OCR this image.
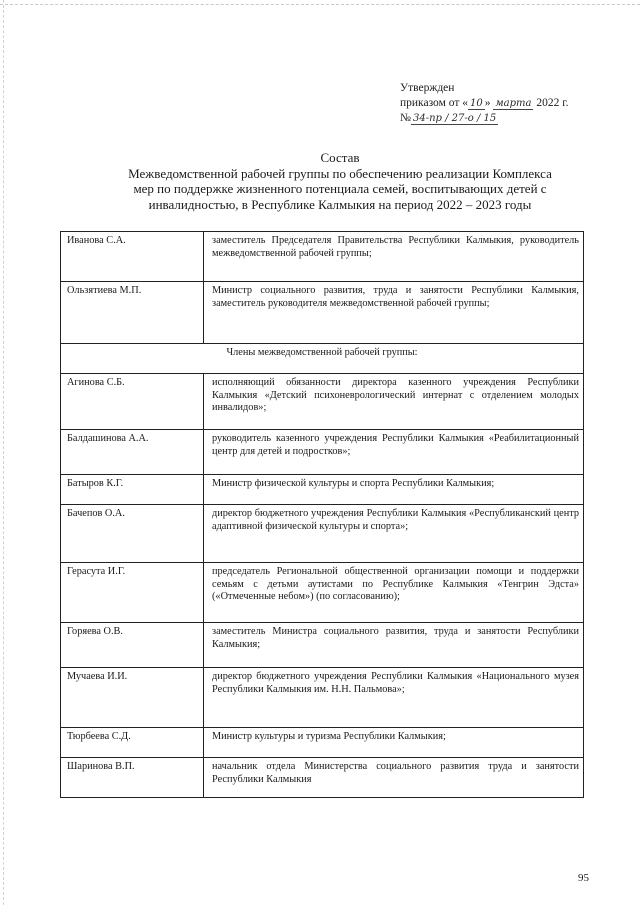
Утвержден
приказом от « 10 » марта 2022 г.
№ 34-пр / 27-о / 15
Состав
Межведомственной рабочей группы по обеспечению реализации Комплекса
мер по поддержке жизненного потенциала семей, воспитывающих детей с
инвалидностью, в Республике Калмыкия на период 2022 – 2023 годы
Иванова С.А.	заместитель Председателя Правительства Республики Калмыкия, руководитель межведомственной рабочей группы;
Ользятиева М.П.	Министр социального развития, труда и занятости Республики Калмыкия, заместитель руководителя межведомственной рабочей группы;
Члены межведомственной рабочей группы:	
Агинова С.Б.	исполняющий обязанности директора казенного учреждения Республики Калмыкия «Детский психоневрологический интернат с отделением молодых инвалидов»;
Балдашинова А.А.	руководитель казенного учреждения Республики Калмыкия «Реабилитационный центр для детей и подростков»;
Батыров К.Г.	Министр физической культуры и спорта Республики Калмыкия;
Бачепов О.А.	директор бюджетного учреждения Республики Калмыкия «Республиканский центр адаптивной физической культуры и спорта»;
Герасута И.Г.	председатель Региональной общественной организации помощи и поддержки семьям с детьми аутистами по Республике Калмыкия «Тенгрин Эдста» («Отмеченные небом») (по согласованию);
Горяева О.В.	заместитель Министра социального развития, труда и занятости Республики Калмыкия;
Мучаева И.И.	директор бюджетного учреждения Республики Калмыкия «Национального музея Республики Калмыкия им. Н.Н. Пальмова»;
Тюрбеева С.Д.	Министр культуры и туризма Республики Калмыкия;
Шаринова В.П.	начальник отдела Министерства социального развития труда и занятости Республики Калмыкия
95
